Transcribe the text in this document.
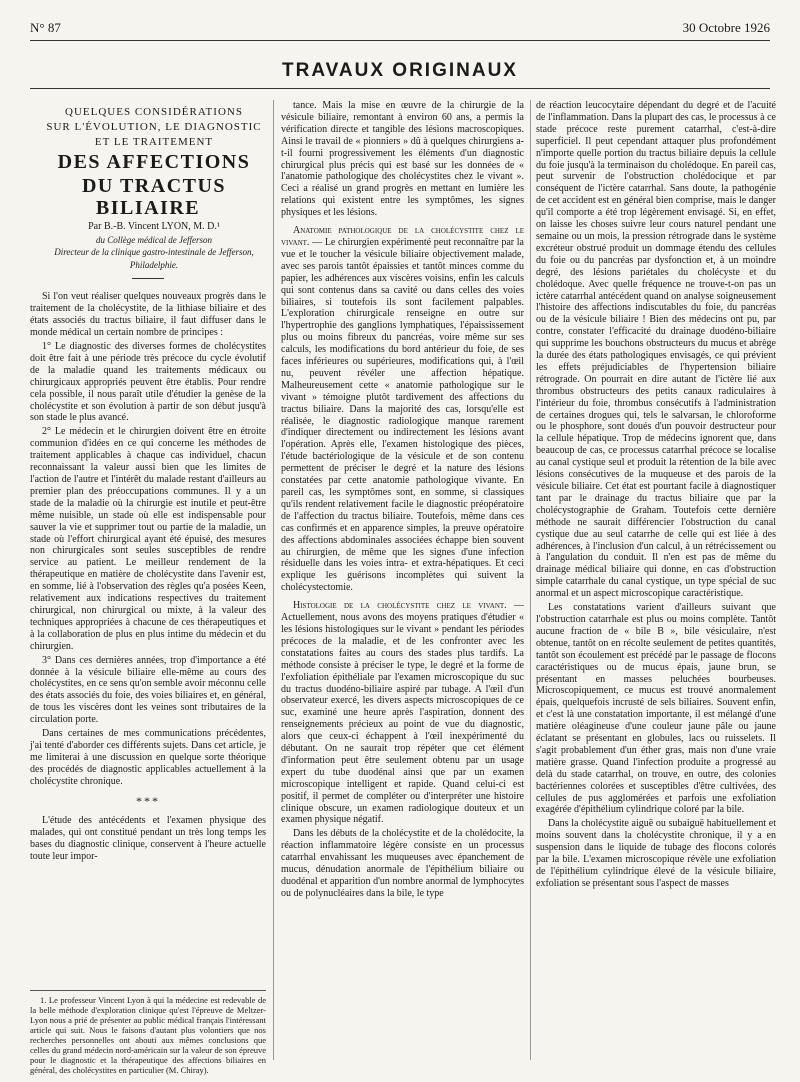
N° 87	30 Octobre 1926
TRAVAUX ORIGINAUX

QUELQUES CONSIDÉRATIONS

SUR L'ÉVOLUTION, LE DIAGNOSTIC

ET LE TRAITEMENT

DES AFFECTIONS

DU TRACTUS BILIAIRE

Par B.-B. Vincent LYON, M. D.¹

du Collège médical de Jefferson

Directeur de la clinique gastro-intestinale de Jefferson,

Philadelphie.

Si l'on veut réaliser quelques nouveaux progrès dans le traitement de la cholécystite, de la lithiase biliaire et des états associés du tractus biliaire, il faut diffuser dans le monde médical un certain nombre de principes :

1° Le diagnostic des diverses formes de cholécystites doit être fait à une période très précoce du cycle évolutif de la maladie quand les traitements médicaux ou chirurgicaux appropriés peuvent être établis. Pour rendre cela possible, il nous paraît utile d'étudier la genèse de la cholécystite et son évolution à partir de son début jusqu'à son stade le plus avancé.

2° Le médecin et le chirurgien doivent être en étroite communion d'idées en ce qui concerne les méthodes de traitement applicables à chaque cas individuel, chacun reconnaissant la valeur aussi bien que les limites de l'action de l'autre et l'intérêt du malade restant d'ailleurs au premier plan des préoccupations communes. Il y a un stade de la maladie où la chirurgie est inutile et peut-être même nuisible, un stade où elle est indispensable pour sauver la vie et supprimer tout ou partie de la maladie, un stade où l'effort chirurgical ayant été épuisé, des mesures non chirurgicales sont seules susceptibles de rendre service au patient. Le meilleur rendement de la thérapeutique en matière de cholécystite dans l'avenir est, en somme, lié à l'observation des règles qu'a posées Keen, relativement aux indications respectives du traitement chirurgical, non chirurgical ou mixte, à la valeur des techniques appropriées à chacune de ces thérapeutiques et à la collaboration de plus en plus intime du médecin et du chirurgien.

3° Dans ces dernières années, trop d'importance a été donnée à la vésicule biliaire elle-même au cours des cholécystites, en ce sens qu'on semble avoir méconnu celle des états associés du foie, des voies biliaires et, en général, de tous les viscères dont les veines sont tributaires de la circulation porte.

Dans certaines de mes communications précédentes, j'ai tenté d'aborder ces différents sujets. Dans cet article, je me limiterai à une discussion en quelque sorte théorique des procédés de diagnostic applicables actuellement à la cholécystite chronique.

***

L'étude des antécédents et l'examen physique des malades, qui ont constitué pendant un très long temps les bases du diagnostic clinique, conservent à l'heure actuelle toute leur impor-

1. Le professeur Vincent Lyon à qui la médecine est redevable de la belle méthode d'exploration clinique qu'est l'épreuve de Meltzer-Lyon nous a prié de présenter au public médical français l'intéressant article qui suit. Nous le faisons d'autant plus volontiers que nos recherches personnelles ont abouti aux mêmes conclusions que celles du grand médecin nord-américain sur la valeur de son épreuve pour le diagnostic et la thérapeutique des affections biliaires en général, des cholécystites en particulier (M. Chiray).

tance. Mais la mise en œuvre de la chirurgie de la vésicule biliaire, remontant à environ 60 ans, a permis la vérification directe et tangible des lésions macroscopiques. Ainsi le travail de « pionniers » dû à quelques chirurgiens a-t-il fourni progressivement les éléments d'un diagnostic chirurgical plus précis qui est basé sur les données de « l'anatomie pathologique des cholécystites chez le vivant ». Ceci a réalisé un grand progrès en mettant en lumière les relations qui existent entre les symptômes, les signes physiques et les lésions.

Anatomie pathologique de la cholécystite chez le vivant. — Le chirurgien expérimenté peut reconnaître par la vue et le toucher la vésicule biliaire objectivement malade, avec ses parois tantôt épaissies et tantôt minces comme du papier, les adhérences aux viscères voisins, enfin les calculs qui sont contenus dans sa cavité ou dans celles des voies biliaires, si toutefois ils sont facilement palpables. L'exploration chirurgicale renseigne en outre sur l'hypertrophie des ganglions lymphatiques, l'épaississement plus ou moins fibreux du pancréas, voire même sur ses calculs, les modifications du bord antérieur du foie, de ses faces inférieures ou supérieures, modifications qui, à l'œil nu, peuvent révéler une affection hépatique. Malheureusement cette « anatomie pathologique sur le vivant » témoigne plutôt tardivement des affections du tractus biliaire. Dans la majorité des cas, lorsqu'elle est réalisée, le diagnostic radiologique manque rarement d'indiquer directement ou indirectement les lésions avant l'opération. Après elle, l'examen histologique des pièces, l'étude bactériologique de la vésicule et de son contenu permettent de préciser le degré et la nature des lésions constatées par cette anatomie pathologique vivante. En pareil cas, les symptômes sont, en somme, si classiques qu'ils rendent relativement facile le diagnostic préopératoire de l'affection du tractus biliaire. Toutefois, même dans ces cas confirmés et en apparence simples, la preuve opératoire des affections abdominales associées échappe bien souvent au chirurgien, de même que les signes d'une infection résiduelle dans les voies intra- et extra-hépatiques. Et ceci explique les guérisons incomplètes qui suivent la cholécystectomie.

Histologie de la cholécystite chez le vivant. — Actuellement, nous avons des moyens pratiques d'étudier « les lésions histologiques sur le vivant » pendant les périodes précoces de la maladie, et de les confronter avec les constatations faites au cours des stades plus tardifs. La méthode consiste à préciser le type, le degré et la forme de l'exfoliation épithéliale par l'examen microscopique du suc du tractus duodéno-biliaire aspiré par tubage. A l'œil d'un observateur exercé, les divers aspects microscopiques de ce suc, examiné une heure après l'aspiration, donnent des renseignements précieux au point de vue du diagnostic, alors que ceux-ci échappent à l'œil inexpérimenté du débutant. On ne saurait trop répéter que cet élément d'information peut être seulement obtenu par un usage expert du tube duodénal ainsi que par un examen microscopique intelligent et rapide. Quand celui-ci est positif, il permet de compléter ou d'interpréter une histoire clinique obscure, un examen radiologique douteux et un examen physique négatif.

Dans les débuts de la cholécystite et de la cholédocite, la réaction inflammatoire légère consiste en un processus catarrhal envahissant les muqueuses avec épanchement de mucus, dénudation anormale de l'épithélium biliaire ou duodénal et apparition d'un nombre anormal de lymphocytes ou de polynucléaires dans la bile, le type

de réaction leucocytaire dépendant du degré et de l'acuité de l'inflammation. Dans la plupart des cas, le processus à ce stade précoce reste purement catarrhal, c'est-à-dire superficiel. Il peut cependant attaquer plus profondément n'importe quelle portion du tractus biliaire depuis la cellule du foie jusqu'à la terminaison du cholédoque. En pareil cas, peut survenir de l'obstruction cholédocique et par conséquent de l'ictère catarrhal. Sans doute, la pathogénie de cet accident est en général bien comprise, mais le danger qu'il comporte a été trop légèrement envisagé. Si, en effet, on laisse les choses suivre leur cours naturel pendant une semaine ou un mois, la pression rétrograde dans le système excréteur obstrué produit un dommage étendu des cellules du foie ou du pancréas par dysfonction et, à un moindre degré, des lésions pariétales du cholécyste et du cholédoque. Avec quelle fréquence ne trouve-t-on pas un ictère catarrhal antécédent quand on analyse soigneusement l'histoire des affections indiscutables du foie, du pancréas ou de la vésicule biliaire ! Bien des médecins ont pu, par contre, constater l'efficacité du drainage duodéno-biliaire qui supprime les bouchons obstructeurs du mucus et abrège la durée des états pathologiques envisagés, ce qui prévient les effets préjudiciables de l'hypertension biliaire rétrograde. On pourrait en dire autant de l'ictère lié aux thrombus obstructeurs des petits canaux radiculaires à l'intérieur du foie, thrombus consécutifs à l'administration de certaines drogues qui, tels le salvarsan, le chloroforme ou le phosphore, sont doués d'un pouvoir destructeur pour la cellule hépatique. Trop de médecins ignorent que, dans beaucoup de cas, ce processus catarrhal précoce se localise au canal cystique seul et produit la rétention de la bile avec lésions consécutives de la muqueuse et des parois de la vésicule biliaire. Cet état est pourtant facile à diagnostiquer tant par le drainage du tractus biliaire que par la cholécystographie de Graham. Toutefois cette dernière méthode ne saurait différencier l'obstruction du canal cystique due au seul catarrhe de celle qui est liée à des adhérences, à l'inclusion d'un calcul, à un rétrécissement ou à l'angulation du conduit. Il n'en est pas de même du drainage médical biliaire qui donne, en cas d'obstruction simple catarrhale du canal cystique, un type spécial de suc anormal et un aspect microscopique caractéristique.

Les constatations varient d'ailleurs suivant que l'obstruction catarrhale est plus ou moins complète. Tantôt aucune fraction de « bile B », bile vésiculaire, n'est obtenue, tantôt on en récolte seulement de petites quantités, tantôt son écoulement est précédé par le passage de flocons caractéristiques ou de mucus épais, jaune brun, se présentant en masses peluchées bourbeuses. Microscopiquement, ce mucus est trouvé anormalement épais, quelquefois incrusté de sels biliaires. Souvent enfin, et c'est là une constatation importante, il est mélangé d'une matière oléagineuse d'une couleur jaune pâle ou jaune éclatant se présentant en globules, lacs ou ruisselets. Il s'agit probablement d'un éther gras, mais non d'une vraie matière grasse. Quand l'infection produite a progressé au delà du stade catarrhal, on trouve, en outre, des colonies bactériennes colorées et susceptibles d'être cultivées, des cellules de pus agglomérées et parfois une exfoliation exagérée d'épithélium cylindrique coloré par la bile.

Dans la cholécystite aiguë ou subaiguë habituellement et moins souvent dans la cholécystite chronique, il y a en suspension dans le liquide de tubage des flocons colorés par la bile. L'examen microscopique révèle une exfoliation de l'épithélium cylindrique élevé de la vésicule biliaire, exfoliation se présentant sous l'aspect de masses
